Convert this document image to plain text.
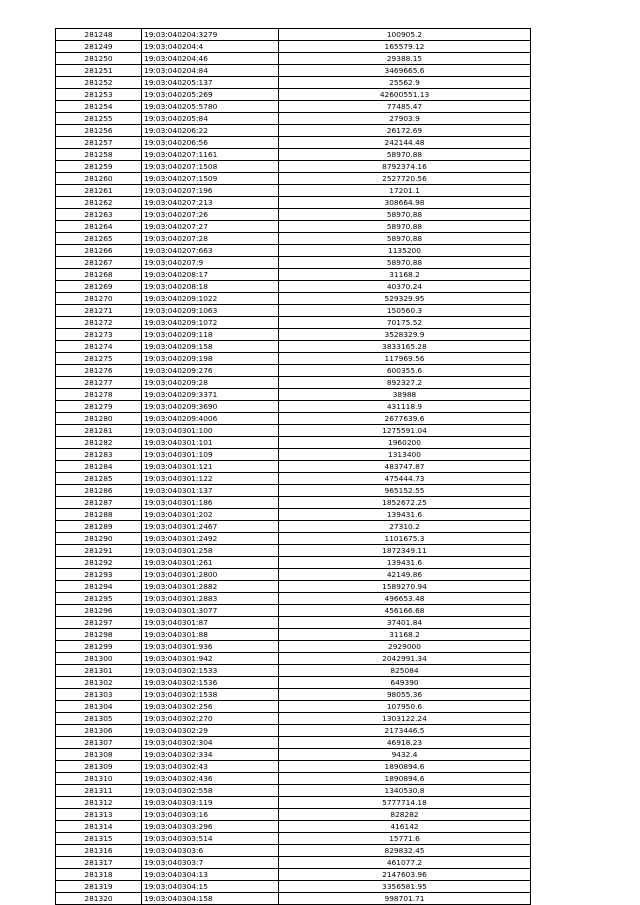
281248	19:03:040204:3279	100905.2
281249	19:03:040204:4	165579.12
281250	19:03:040204:46	29388.15
281251	19:03:040204:84	3469665.6
281252	19:03:040205:137	25562.9
281253	19:03:040205:269	42600551.13
281254	19:03:040205:5780	77485.47
281255	19:03:040205:84	27903.9
281256	19:03:040206:22	26172.69
281257	19:03:040206:56	242144.48
281258	19:03:040207:1161	58970.88
281259	19:03:040207:1508	8792374.16
281260	19:03:040207:1509	2527720.56
281261	19:03:040207:196	17201.1
281262	19:03:040207:213	308664.98
281263	19:03:040207:26	58970.88
281264	19:03:040207:27	58970.88
281265	19:03:040207:28	58970.88
281266	19:03:040207:663	1135200
281267	19:03:040207:9	58970.88
281268	19:03:040208:17	31168.2
281269	19:03:040208:18	40370.24
281270	19:03:040209:1022	529329.95
281271	19:03:040209:1063	150560.3
281272	19:03:040209:1072	70175.52
281273	19:03:040209:118	3528329.9
281274	19:03:040209:158	3833165.28
281275	19:03:040209:198	117969.56
281276	19:03:040209:276	600355.6
281277	19:03:040209:28	892327.2
281278	19:03:040209:3371	38988
281279	19:03:040209:3690	431118.9
281280	19:03:040209:4006	2677639.6
281281	19:03:040301:100	1275591.04
281282	19:03:040301:101	1960200
281283	19:03:040301:109	1313400
281284	19:03:040301:121	483747.87
281285	19:03:040301:122	475444.73
281286	19:03:040301:137	965152.55
281287	19:03:040301:186	1852672.25
281288	19:03:040301:202	139431.6
281289	19:03:040301:2467	27310.2
281290	19:03:040301:2492	1101675.3
281291	19:03:040301:258	1872349.11
281292	19:03:040301:261	139431.6
281293	19:03:040301:2800	42149.86
281294	19:03:040301:2882	1589270.94
281295	19:03:040301:2883	496653.48
281296	19:03:040301:3077	456166.68
281297	19:03:040301:87	37401.84
281298	19:03:040301:88	31168.2
281299	19:03:040301:936	2929000
281300	19:03:040301:942	2042991.34
281301	19:03:040302:1533	825084
281302	19:03:040302:1536	649390
281303	19:03:040302:1538	98055.36
281304	19:03:040302:256	107950.6
281305	19:03:040302:270	1303122.24
281306	19:03:040302:29	2173446.5
281307	19:03:040302:304	46918.23
281308	19:03:040302:334	9432.4
281309	19:03:040302:43	1890894.6
281310	19:03:040302:436	1890894.6
281311	19:03:040302:558	1340530.8
281312	19:03:040303:119	5777714.18
281313	19:03:040303:16	828282
281314	19:03:040303:296	416142
281315	19:03:040303:514	15771.6
281316	19:03:040303:6	829832.45
281317	19:03:040303:7	461077.2
281318	19:03:040304:13	2147603.96
281319	19:03:040304:15	3356581.95
281320	19:03:040304:158	998701.71
